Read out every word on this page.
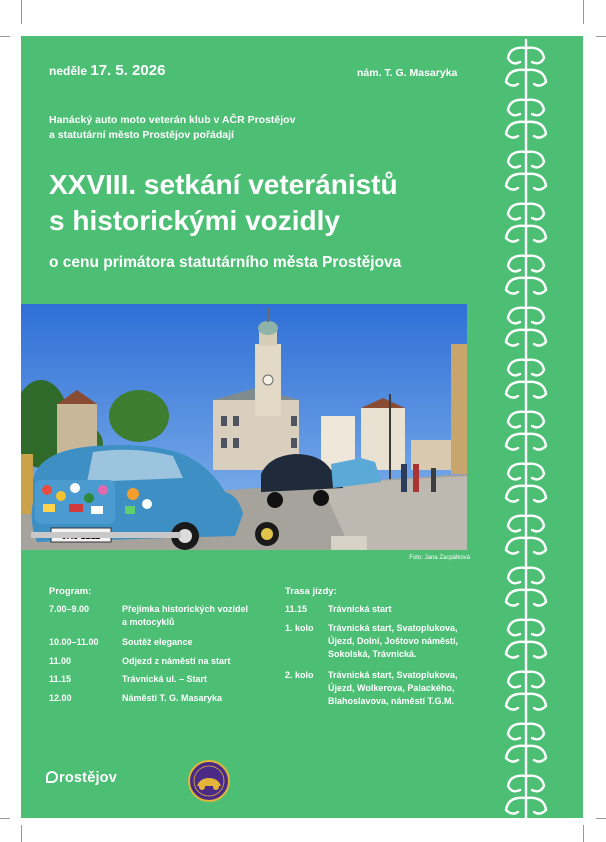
neděle 17. 5. 2026	nám. T. G. Masaryka
Hanácký auto moto veterán klub v AČR Prostějov
a statutární město Prostějov pořádají
XXVIII. setkání veteránistů
s historickými vozidly
o cenu primátora statutárního města Prostějova
Foto: Jana Zacpálková
Program:
7.00–9.00	Přejímka historických vozidel
a motocyklů
10.00–11.00	Soutěž elegance
11.00	Odjezd z náměstí na start
11.15	Trávnická ul. – Start
12.00	Náměstí T. G. Masaryka
Trasa jízdy:
11.15	Trávnická start
1. kolo	Trávnická start, Svatoplukova,
Újezd, Dolní, Joštovo náměstí,
Sokolská, Trávnická.
2. kolo	Trávnická start, Svatoplukova,
Újezd, Wolkerova, Palackého,
Blahoslavova, náměstí T.G.M.
rostějov
